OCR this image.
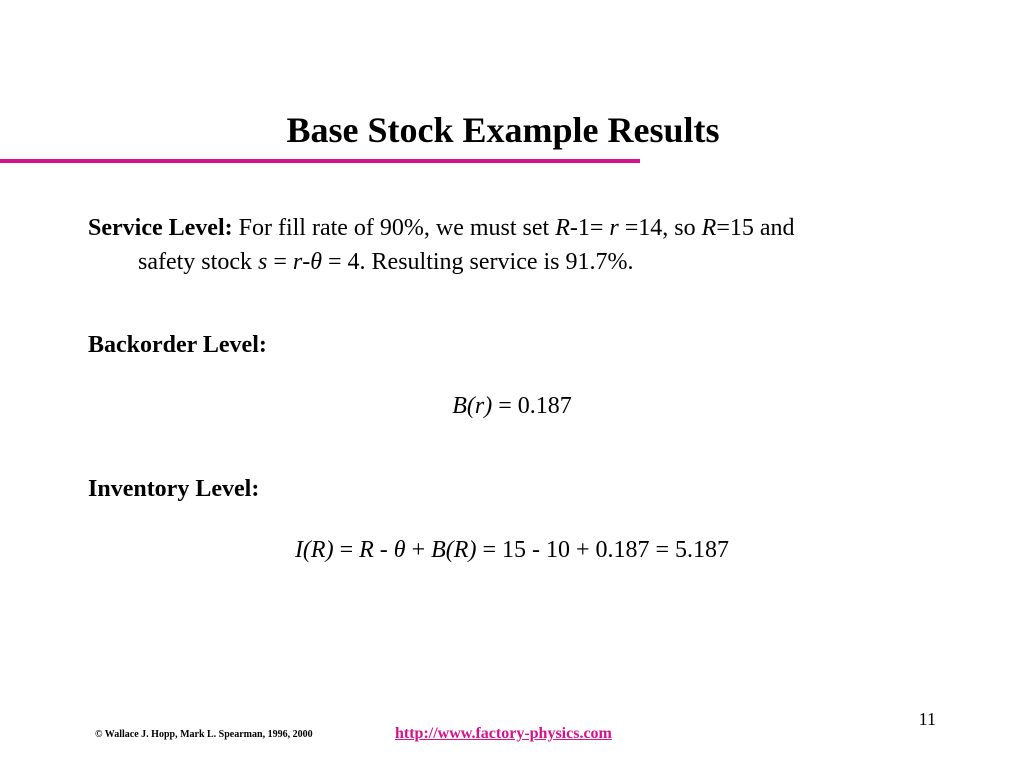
Base Stock Example Results
Service Level: For fill rate of 90%, we must set R-1= r =14, so R=15 and
safety stock s = r-θ = 4. Resulting service is 91.7%.
Backorder Level:
B(r) = 0.187
Inventory Level:
I(R) = R - θ + B(R) = 15 - 10 + 0.187 = 5.187
11
© Wallace J. Hopp, Mark L. Spearman, 1996, 2000	http://www.factory-physics.com
